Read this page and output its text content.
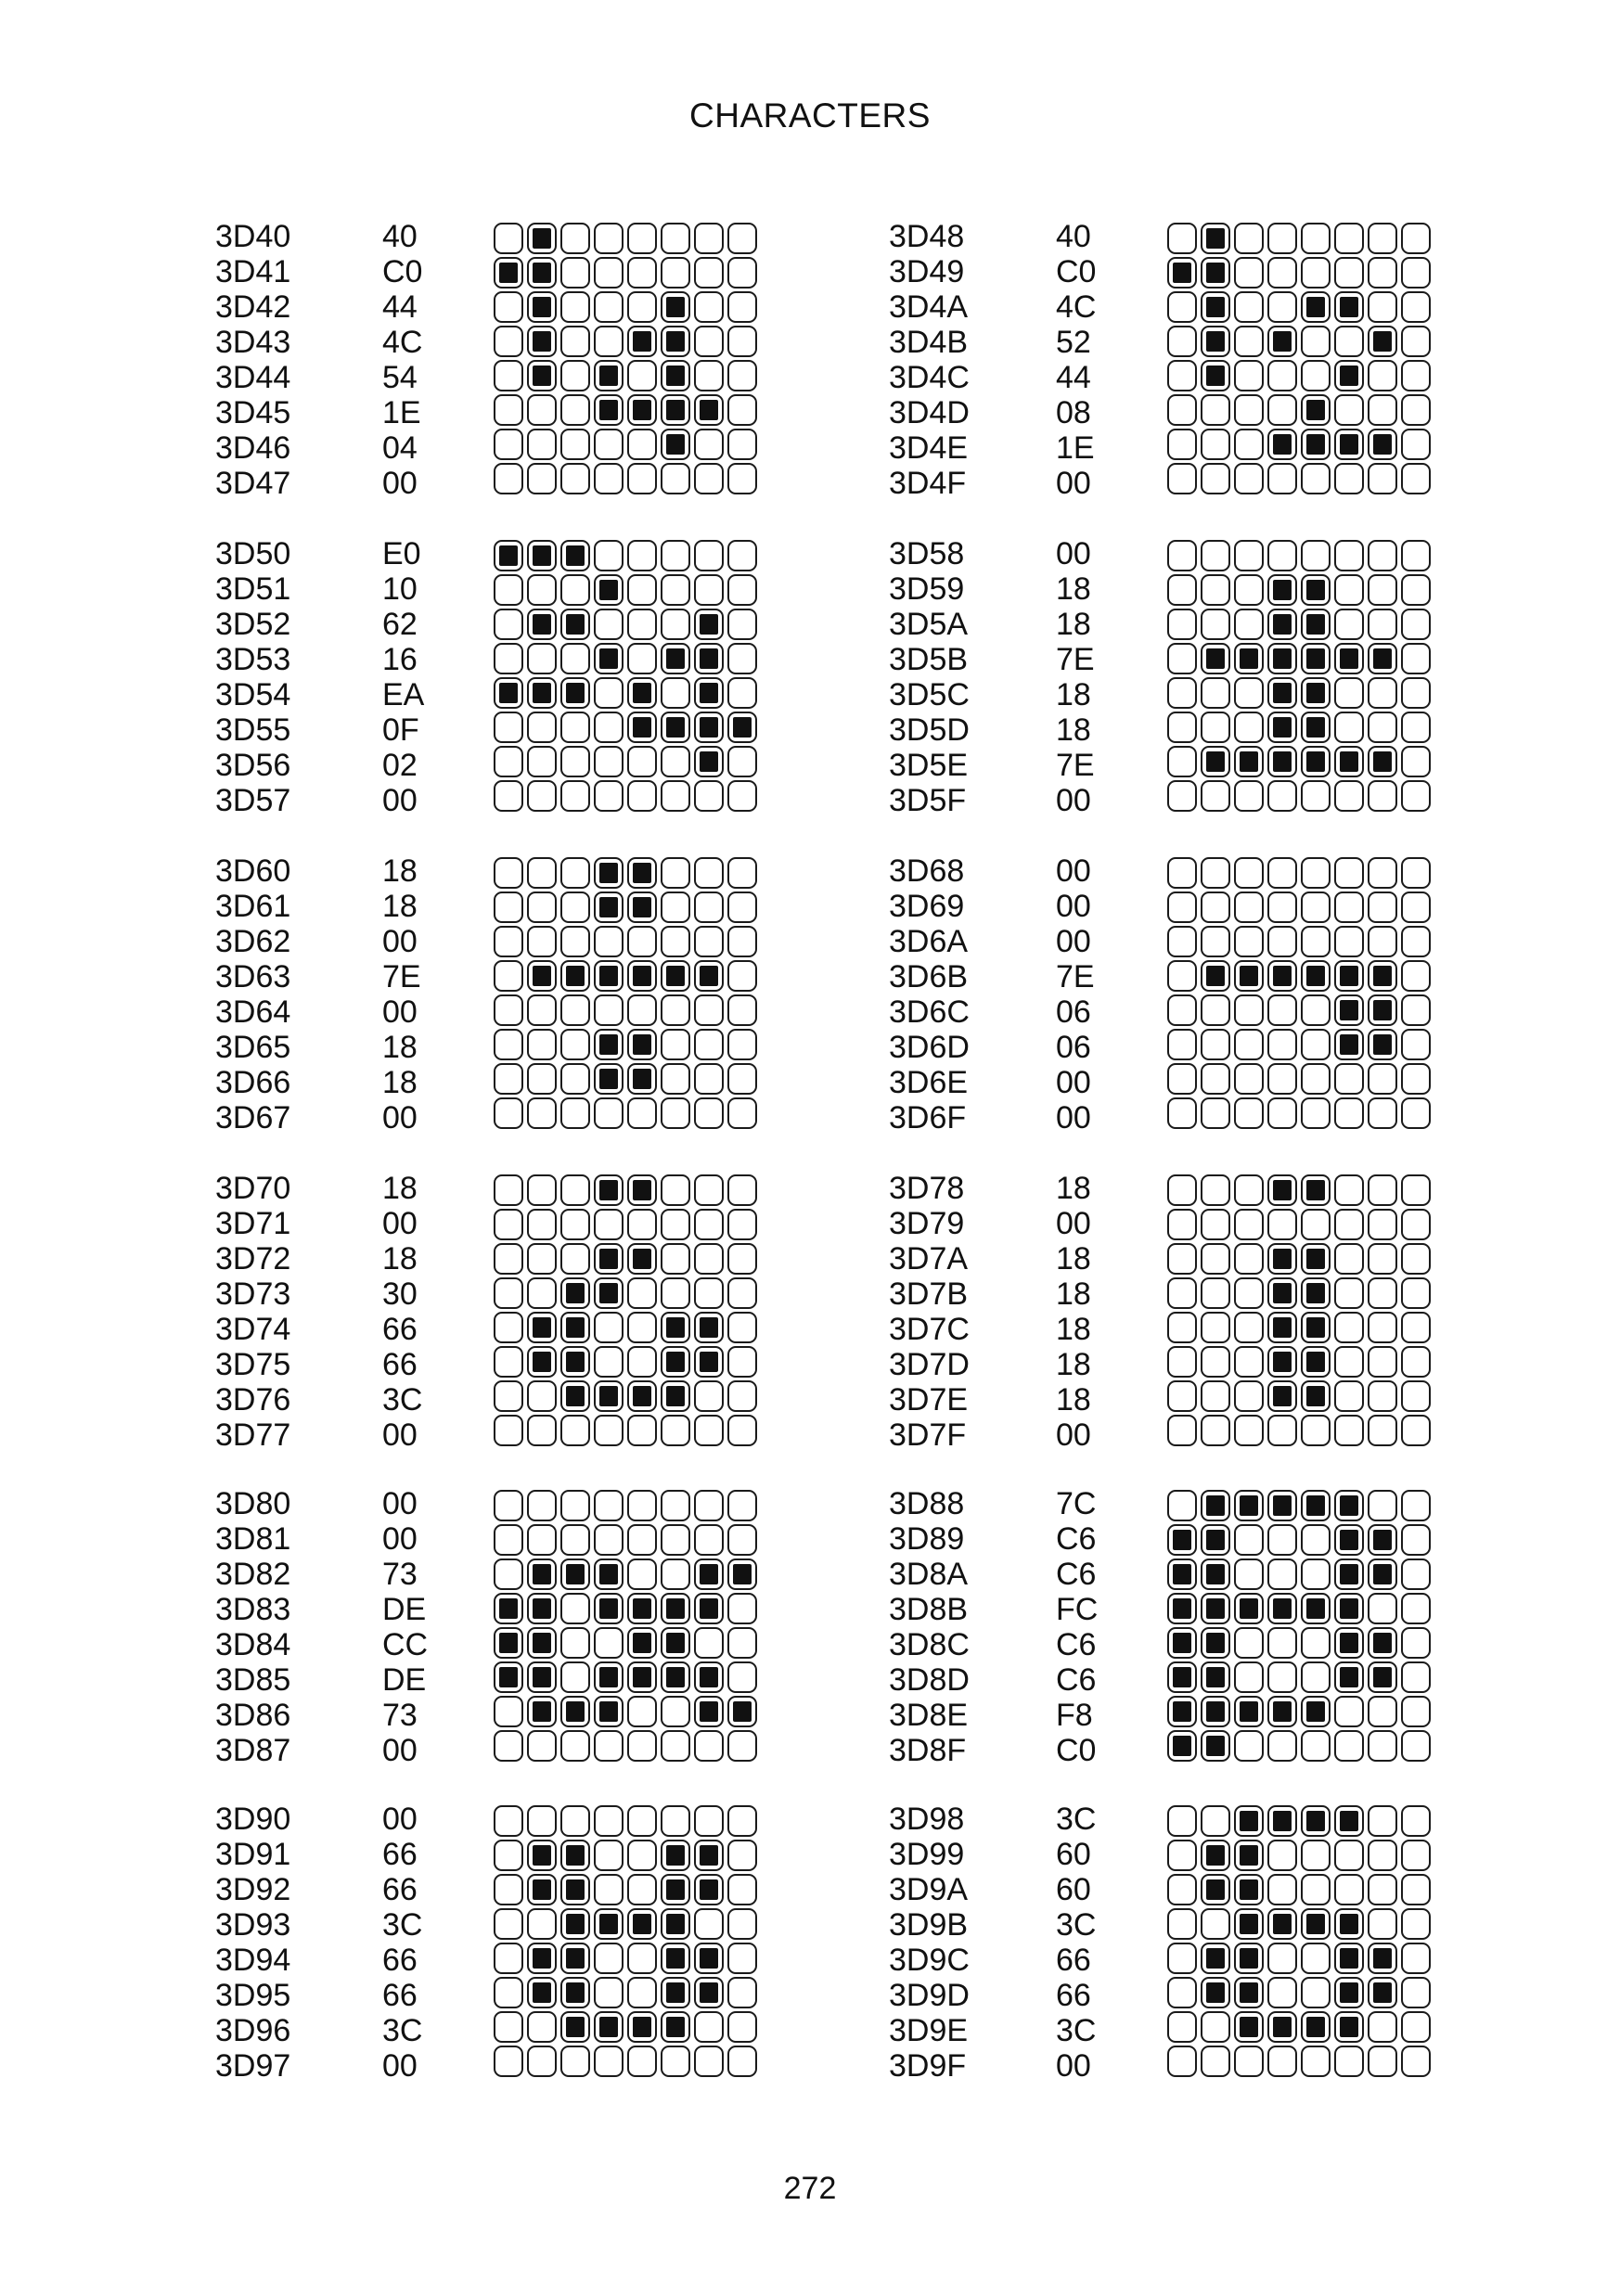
CHARACTERS
3D40	40
3D41	C0
3D42	44
3D43	4C
3D44	54
3D45	1E
3D46	04
3D47	00
3D48	40
3D49	C0
3D4A	4C
3D4B	52
3D4C	44
3D4D	08
3D4E	1E
3D4F	00
3D50	E0
3D51	10
3D52	62
3D53	16
3D54	EA
3D55	0F
3D56	02
3D57	00
3D58	00
3D59	18
3D5A	18
3D5B	7E
3D5C	18
3D5D	18
3D5E	7E
3D5F	00
3D60	18
3D61	18
3D62	00
3D63	7E
3D64	00
3D65	18
3D66	18
3D67	00
3D68	00
3D69	00
3D6A	00
3D6B	7E
3D6C	06
3D6D	06
3D6E	00
3D6F	00
3D70	18
3D71	00
3D72	18
3D73	30
3D74	66
3D75	66
3D76	3C
3D77	00
3D78	18
3D79	00
3D7A	18
3D7B	18
3D7C	18
3D7D	18
3D7E	18
3D7F	00
3D80	00
3D81	00
3D82	73
3D83	DE
3D84	CC
3D85	DE
3D86	73
3D87	00
3D88	7C
3D89	C6
3D8A	C6
3D8B	FC
3D8C	C6
3D8D	C6
3D8E	F8
3D8F	C0
3D90	00
3D91	66
3D92	66
3D93	3C
3D94	66
3D95	66
3D96	3C
3D97	00
3D98	3C
3D99	60
3D9A	60
3D9B	3C
3D9C	66
3D9D	66
3D9E	3C
3D9F	00
272
